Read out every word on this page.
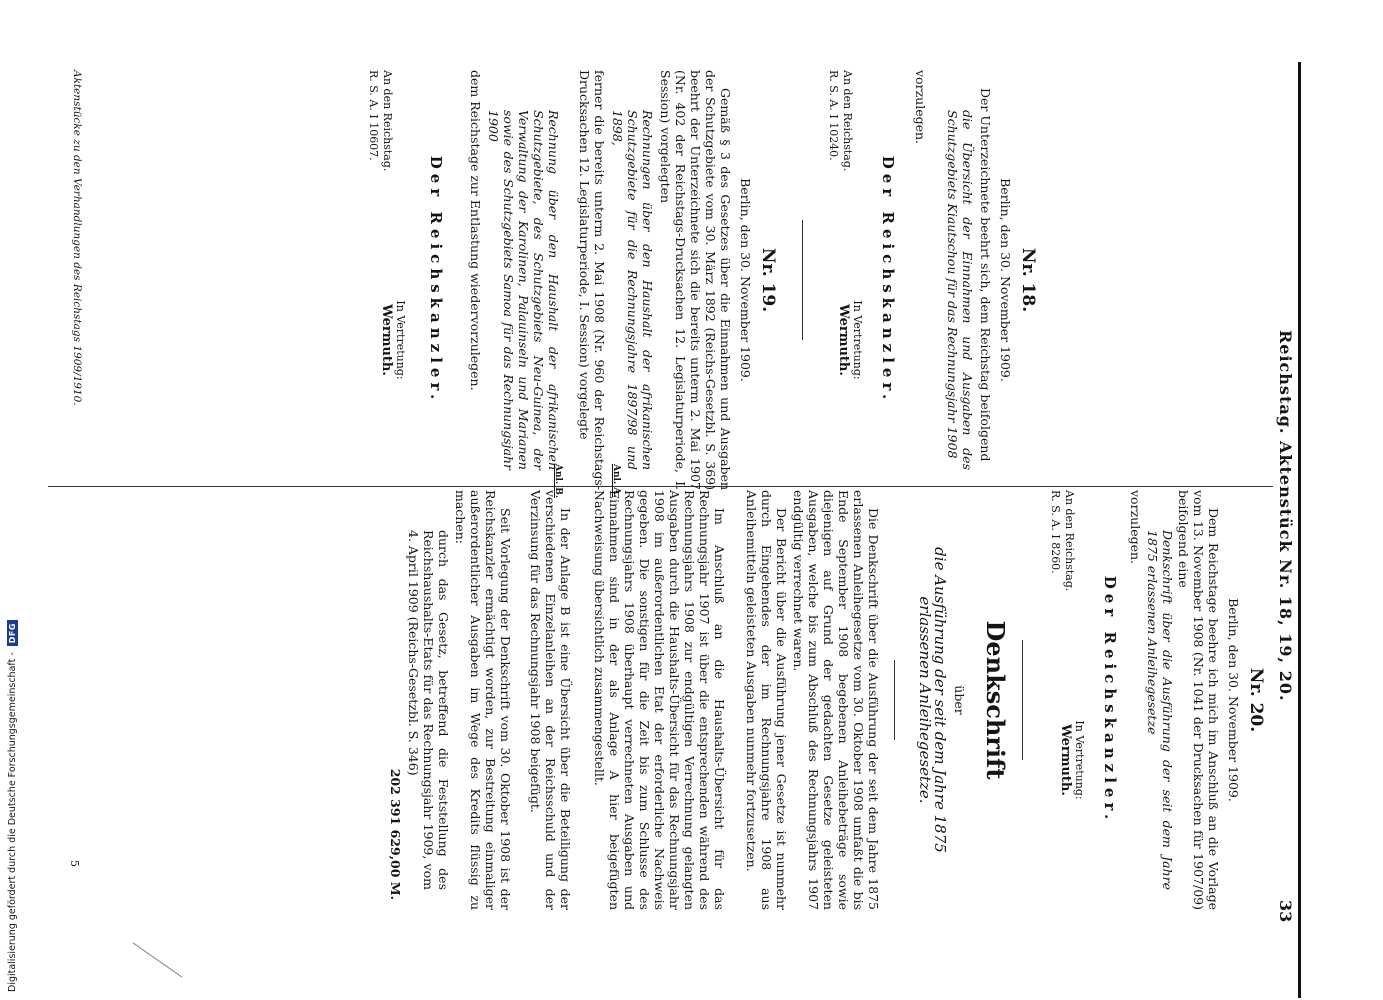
Digitalisierung gefördert durch die Deutsche Forschungsgemeinschaft -
DFG	Reichstag. Aktenstück Nr. 18, 19, 20.
33
Nr. 18.
Berlin, den 30. November 1909.
Der Unterzeichnete beehrt sich, dem Reichstag beifolgend
die Übersicht der Einnahmen und Ausgaben des Schutzgebiets Kiautschou für das Rechnungsjahr 1908
vorzulegen.
Der Reichskanzler.
In Vertretung:
Wermuth.
An den Reichstag.
R. S. A. I 10240.
Nr. 19.
Berlin, den 30. November 1909.
Gemäß § 3 des Gesetzes über die Einnahmen und Ausgaben der Schutzgebiete vom 30. März 1892 (Reichs-Gesetzbl. S. 369) beehrt der Unterzeichnete sich die bereits unterm 2. Mai 1907 (Nr. 402 der Reichstags-Drucksachen 12. Legislaturperiode, I. Session) vorgelegten
Rechnungen über den Haushalt der afrikanischen Schutzgebiete für die Rechnungsjahre 1897/98 und 1898,
ferner die bereits unterm 2. Mai 1908 (Nr. 960 der Reichstags-Drucksachen 12. Legislaturperiode, I. Session) vorgelegte
Rechnung über den Haushalt der afrikanischen Schutzgebiete, des Schutzgebiets Neu-Guinea, der Verwaltung der Karolinen, Palauinseln und Marianen sowie des Schutzgebiets Samoa für das Rechnungsjahr 1900
dem Reichstage zur Entlastung wiedervorzulegen.
Der Reichskanzler.
In Vertretung:
Wermuth.
An den Reichstag.
R. S. A. I 10607.
Nr. 20.
Berlin, den 30. November 1909.
Dem Reichstage beehre ich mich im Anschluß an die Vorlage vom 13. November 1908 (Nr. 1041 der Drucksachen für 1907/09) beifolgend eine
Denkschrift über die Ausführung der seit dem Jahre 1875 erlassenen Anleihegesetze
vorzulegen.
Der Reichskanzler.
In Vertretung:
Wermuth.
An den Reichstag.
R. S. A. I 8260.
Denkschrift
über
die Ausführung der seit dem Jahre 1875 erlassenen Anleihegesetze.
Die Denkschrift über die Ausführung der seit dem Jahre 1875 erlassenen Anleihegesetze vom 30. Oktober 1908 umfaßt die bis Ende September 1908 begebenen Anleihebeträge sowie diejenigen auf Grund der gedachten Gesetze geleisteten Ausgaben, welche bis zum Abschluß des Rechnungsjahrs 1907 endgültig verrechnet waren.
Der Bericht über die Ausführung jener Gesetze ist nunmehr durch Eingehendes der im Rechnungsjahre 1908 aus Anleihemitteln geleisteten Ausgaben nunmehr fortzusetzen.
Im Anschluß an die Haushalts-Übersicht für das Rechnungsjahr 1907 ist über die entsprechenden während des Rechnungsjahrs 1908 zur endgültigen Verrechnung gelangten Ausgaben durch die Haushalts-Übersicht für das Rechnungsjahr 1908 im außerordentlichen Etat der erforderliche Nachweis gegeben. Die sonstigen für die Zeit bis zum Schlusse des Rechnungsjahrs 1908 überhaupt verrechneten Ausgaben und Einnahmen sind in der als Anlage A hier beigefügten Nachweisung übersichtlich zusammengestellt.
In der Anlage B ist eine Übersicht über die Beteiligung der verschiedenen Einzelanleihen an der Reichsschuld und der Verzinsung für das Rechnungsjahr 1908 beigefügt.
Seit Vorlegung der Denkschrift vom 30. Oktober 1908 ist der Reichskanzler ermächtigt worden, zur Bestreitung einmaliger außerordentlicher Ausgaben im Wege des Kredits flüssig zu machen:
durch das Gesetz, betreffend die Feststellung des Reichshaushalts-Etats für das Rechnungsjahr 1909, vom 4. April 1909 (Reichs-Gesetzbl. S. 346)
202 391 629,00 M.
Anl. A.
Anl. B.
Aktenstücke zu den Verhandlungen des Reichstags 1909/1910.
5
